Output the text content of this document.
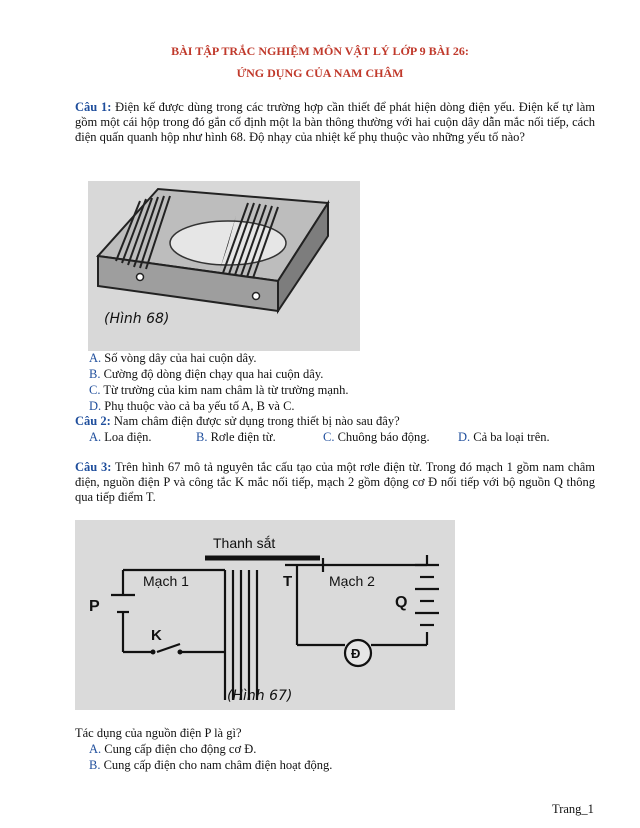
BÀI TẬP TRẮC NGHIỆM MÔN VẬT LÝ LỚP 9 BÀI 26:
ỨNG DỤNG CỦA NAM CHÂM
Câu 1: Điện kế được dùng trong các trường hợp cần thiết để phát hiện dòng điện yếu. Điện kế tự làm gồm một cái hộp trong đó gắn cố định một la bàn thông thường với hai cuộn dây dẫn mắc nối tiếp, cách điện quấn quanh hộp như hình 68. Độ nhạy của nhiệt kế phụ thuộc vào những yếu tố nào?
(Hình 68)
A. Số vòng dây của hai cuộn dây.
B. Cường độ dòng điện chạy qua hai cuộn dây.
C. Từ trường của kim nam châm là từ trường mạnh.
D. Phụ thuộc vào cả ba yếu tố A, B và C.
Câu 2: Nam châm điện được sử dụng trong thiết bị nào sau đây?
A. Loa điện.	B. Rơle điện từ.	C. Chuông báo động. D. Cả ba loại trên.
Câu 3: Trên hình 67 mô tả nguyên tắc cấu tạo của một rơle điện từ. Trong đó mạch 1 gồm nam châm điện, nguồn điện P và công tắc K mắc nối tiếp, mạch 2 gồm động cơ Đ nối tiếp với bộ nguồn Q thông qua tiếp điểm T.
Thanh sắt
Mạch 1	T	Mạch 2
P	Q
K
Đ
(Hình 67)
Tác dụng của nguồn điện P là gì?
A. Cung cấp điện cho động cơ Đ.
B. Cung cấp điện cho nam châm điện hoạt động.
Trang_1
